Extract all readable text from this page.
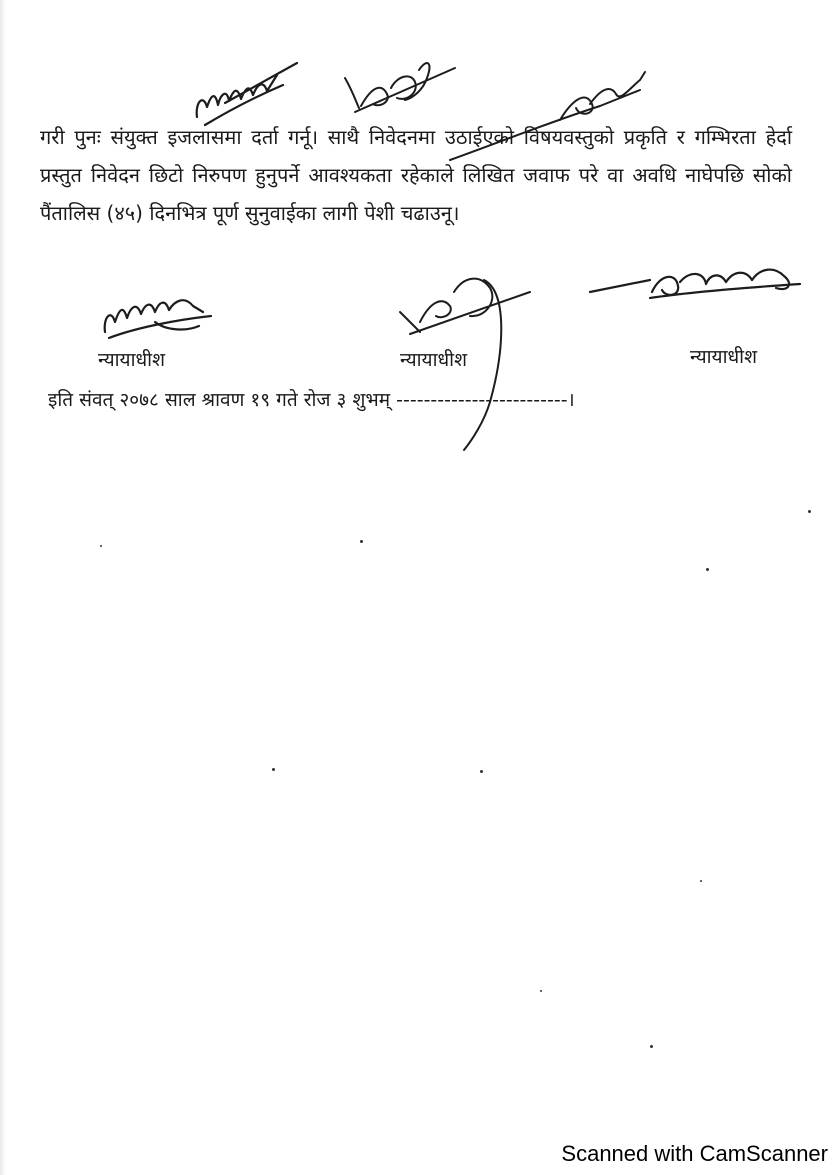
गरी पुनः संयुक्त इजलासमा दर्ता गर्नू। साथै निवेदनमा उठाईएको विषयवस्तुको प्रकृति र गम्भिरता हेर्दा प्रस्तुत निवेदन छिटो निरुपण हुनुपर्ने आवश्यकता रहेकाले लिखित जवाफ परे वा अवधि नाघेपछि सोको पैंतालिस (४५) दिनभित्र पूर्ण सुनुवाईका लागी पेशी चढाउनू।

न्यायाधीश	न्यायाधीश	न्यायाधीश
इति संवत् २०७८ साल श्रावण १९ गते रोज ३ शुभम् -------------------------।
Scanned with CamScanner
